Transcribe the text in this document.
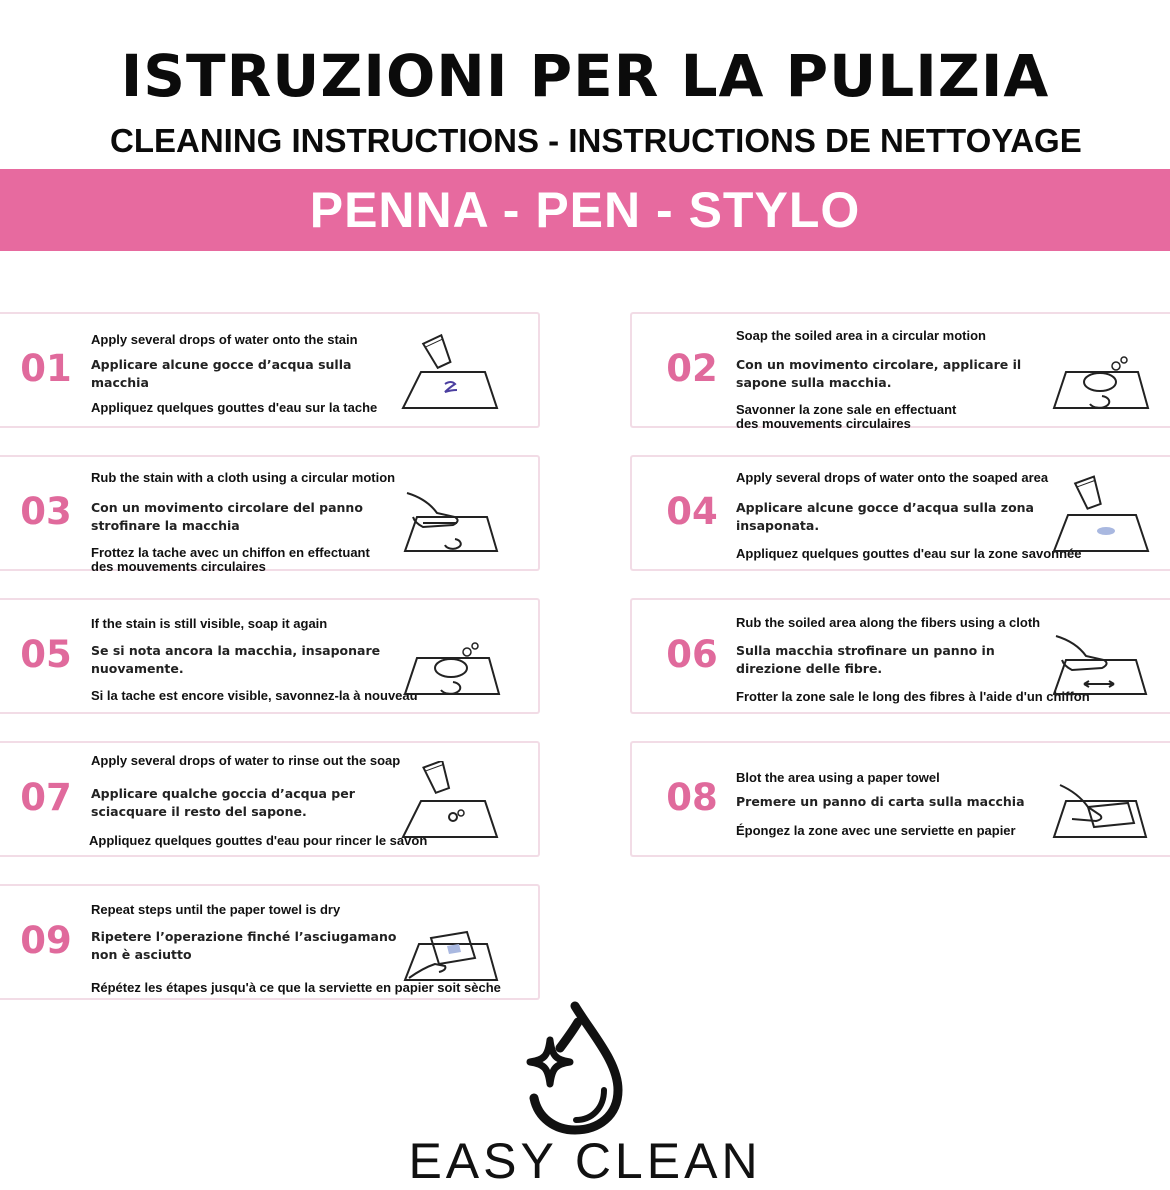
ISTRUZIONI PER LA PULIZIA
CLEANING INSTRUCTIONS - INSTRUCTIONS DE NETTOYAGE
PENNA - PEN - STYLO
01
Apply several drops of water onto the stain
Applicare alcune gocce d’acqua sulla
macchia
Appliquez quelques gouttes d'eau sur la tache
02
Soap the soiled area in a circular motion
Con un movimento circolare, applicare il
sapone sulla macchia.
Savonner la zone sale en effectuant
des mouvements circulaires
03
Rub the stain with a cloth using a circular motion
Con un movimento circolare del panno
strofinare la macchia
Frottez la tache avec un chiffon en effectuant
des mouvements circulaires
04
Apply several drops of water onto the soaped area
Applicare alcune gocce d’acqua sulla zona
insaponata.
Appliquez quelques gouttes d'eau sur la zone savonnée
05
If the stain is still visible, soap it again
Se si nota ancora la macchia, insaponare
nuovamente.
Si la tache est encore visible, savonnez-la à nouveau
06
Rub the soiled area along the fibers using a cloth
Sulla macchia strofinare un panno in
direzione delle fibre.
Frotter la zone sale le long des fibres à l'aide d'un chiffon
07
Apply several drops of water to rinse out the soap
Applicare qualche goccia d’acqua per
sciacquare il resto del sapone.
Appliquez quelques gouttes d'eau pour rincer le savon
08	Blot the area using a paper towel
Premere un panno di carta sulla macchia
Épongez la zone avec une serviette en papier
09
Repeat steps until the paper towel is dry
Ripetere l’operazione finché l’asciugamano
non è asciutto
Répétez les étapes jusqu'à ce que la serviette en papier soit sèche
EASY CLEAN
